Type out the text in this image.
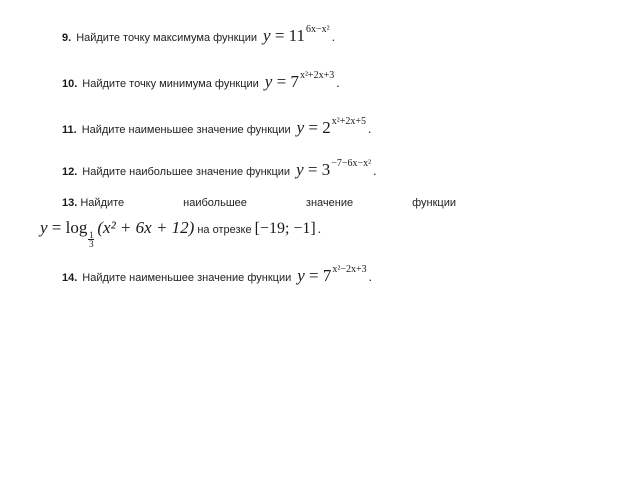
9. Найдите точку максимума функции y
=
11 6x−x² .
10. Найдите точку минимума функции y
=
7 x²+2x+3 .
11. Найдите наименьшее значение функции y
=
2 x²+2x+5 .
12. Найдите наибольшее значение функции y
=
3 −7−6x−x² .
13.
Найдите	наибольшее	значение	функции
y
=
log 1
3
(x² + 6x + 12) на отрезке [−19; −1] .
14. Найдите наименьшее значение функции y
=
7 x²−2x+3 .
